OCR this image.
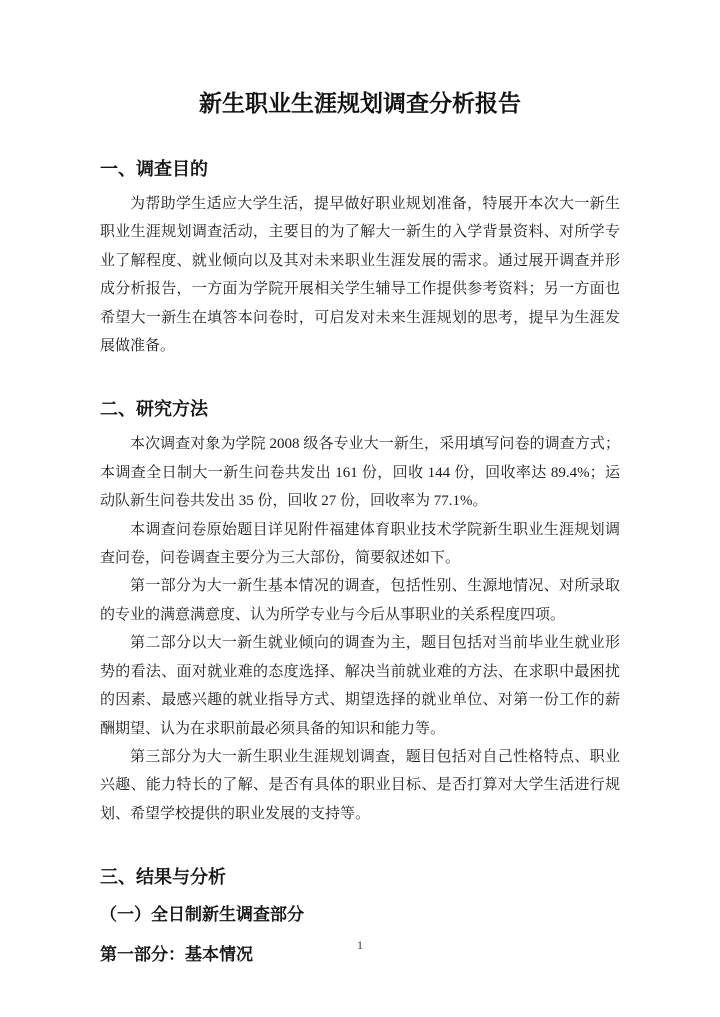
新生职业生涯规划调查分析报告
一、调查目的

为帮助学生适应大学生活，提早做好职业规划准备，特展开本次大一新生职业生涯规划调查活动，主要目的为了解大一新生的入学背景资料、对所学专业了解程度、就业倾向以及其对未来职业生涯发展的需求。通过展开调查并形成分析报告，一方面为学院开展相关学生辅导工作提供参考资料；另一方面也希望大一新生在填答本问卷时，可启发对未来生涯规划的思考，提早为生涯发展做准备。

二、研究方法

本次调查对象为学院 2008 级各专业大一新生，采用填写问卷的调查方式；本调查全日制大一新生问卷共发出 161 份，回收 144 份，回收率达 89.4%；运动队新生问卷共发出 35 份，回收 27 份，回收率为 77.1%。

本调查问卷原始题目详见附件福建体育职业技术学院新生职业生涯规划调查问卷，问卷调查主要分为三大部份，简要叙述如下。

第一部分为大一新生基本情况的调查，包括性别、生源地情况、对所录取的专业的满意满意度、认为所学专业与今后从事职业的关系程度四项。

第二部分以大一新生就业倾向的调查为主，题目包括对当前毕业生就业形势的看法、面对就业难的态度选择、解决当前就业难的方法、在求职中最困扰的因素、最感兴趣的就业指导方式、期望选择的就业单位、对第一份工作的薪酬期望、认为在求职前最必须具备的知识和能力等。

第三部分为大一新生职业生涯规划调查，题目包括对自己性格特点、职业兴趣、能力特长的了解、是否有具体的职业目标、是否打算对大学生活进行规划、希望学校提供的职业发展的支持等。

三、结果与分析
（一）全日制新生调查部分
第一部分：基本情况
1
